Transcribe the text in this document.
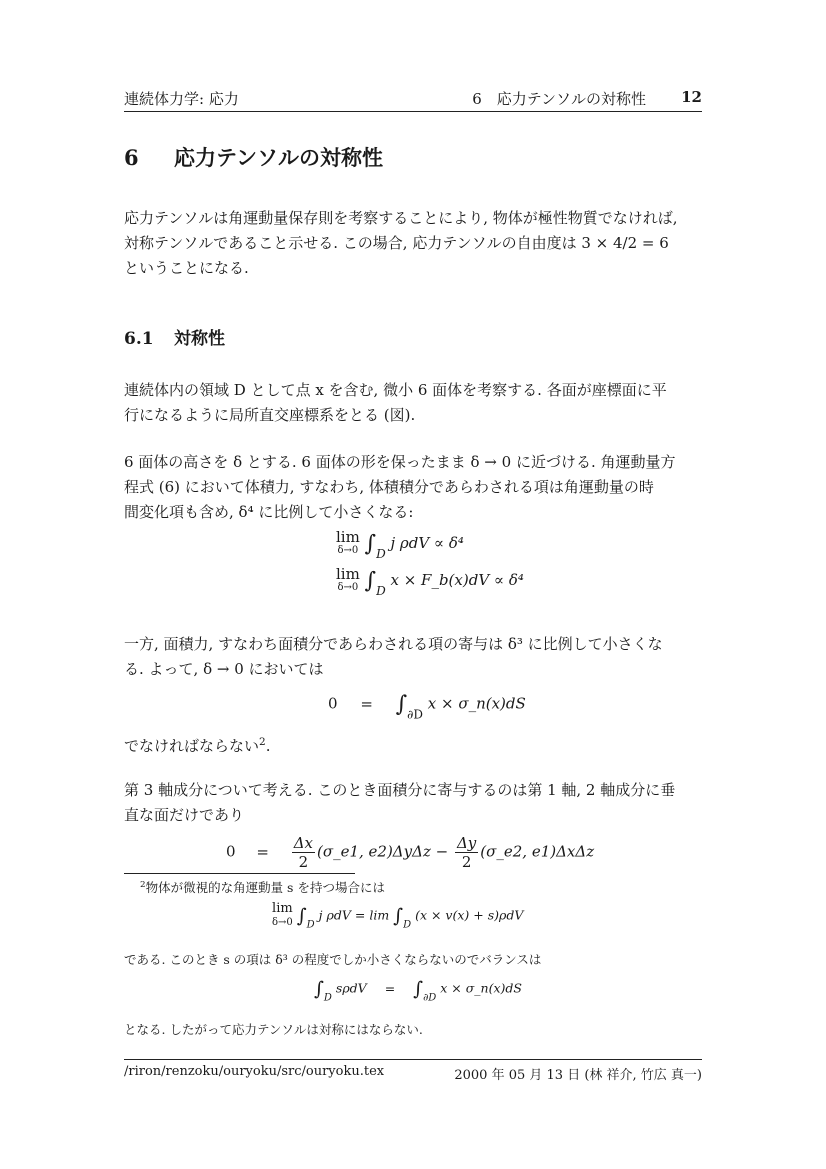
連続体力学: 応力	6　応力テンソルの対称性 12
6 応力テンソルの対称性
応力テンソルは角運動量保存則を考察することにより, 物体が極性物質でなければ,
対称テンソルであること示せる. この場合, 応力テンソルの自由度は 3 × 4/2 = 6
ということになる.
6.1 対称性
連続体内の領域 D として点 x を含む, 微小 6 面体を考察する. 各面が座標面に平
行になるように局所直交座標系をとる (図).
6 面体の高さを δ とする. 6 面体の形を保ったまま δ → 0 に近づける. 角運動量方
程式 (6) において体積力, すなわち, 体積積分であらわされる項は角運動量の時
間変化項も含め, δ⁴ に比例して小さくなる:
lim
δ→0 $\int_D$ j ρdV ∝ δ⁴
lim
δ→0 $\int_D$ x × F_b(x)dV ∝ δ⁴
一方, 面積力, すなわち面積分であらわされる項の寄与は δ³ に比例して小さくな
る. よって, δ → 0 においては
$0 = \int_{\partial D}$ x × σ_n(x)dS
でなければならない$^2$.
第 3 軸成分について考える. このとき面積分に寄与するのは第 1 軸, 2 軸成分に垂
直な面だけであり
$0 = \frac{\Delta x}{2}$ (σ_e1, $e2)\Delta y\Delta z - \frac{\Delta y}{2}$ (σ_e2, e1)ΔxΔz
$^2$物体が微視的な角運動量 s を持つ場合には
lim
δ→0 $\int_D$ j $\rho dV = \lim \int_D$ (x × v(x) + s)ρdV
である. このとき s の項は δ³ の程度でしか小さくならないのでバランスは
$\int_D$ $s\rho dV = \int_{\partial D}$ x × σ_n(x)dS
となる. したがって応力テンソルは対称にはならない.
/riron/renzoku/ouryoku/src/ouryoku.tex	2000 年 05 月 13 日 (林 祥介, 竹広 真一)
